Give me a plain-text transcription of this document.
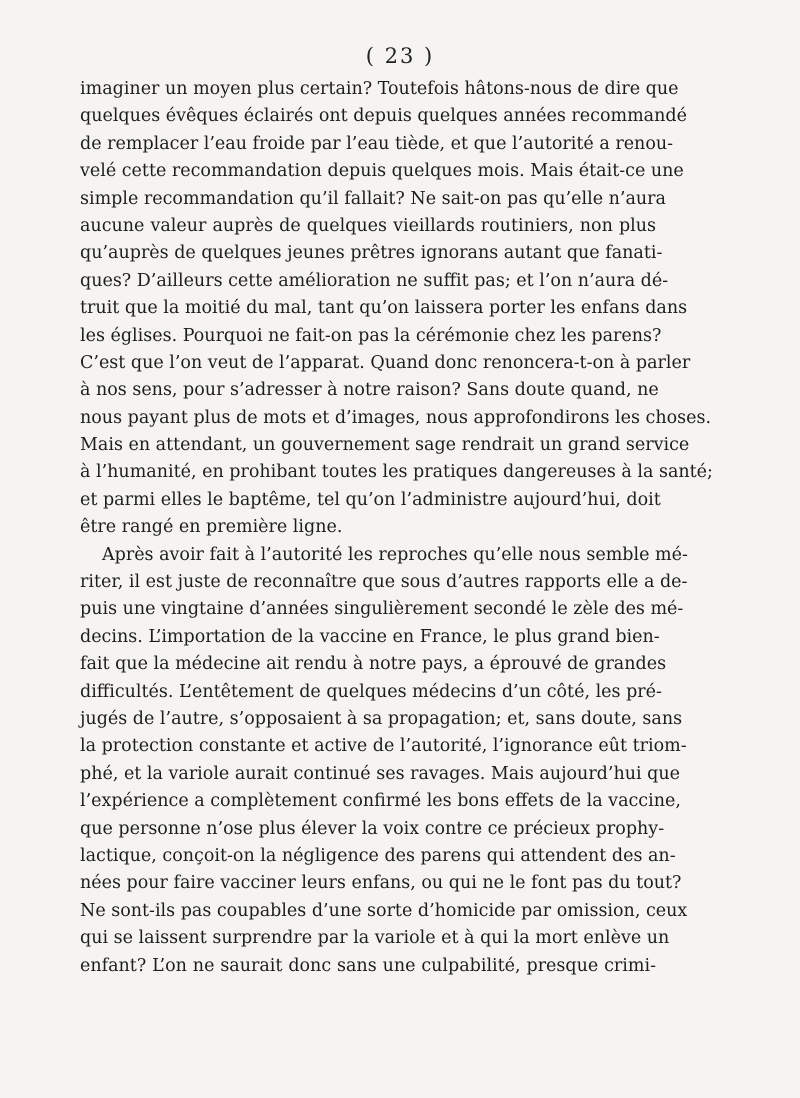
( 23 )
imaginer un moyen plus certain? Toutefois hâtons-nous de dire que
quelques évêques éclairés ont depuis quelques années recommandé
de remplacer l’eau froide par l’eau tiède, et que l’autorité a renou-
velé cette recommandation depuis quelques mois. Mais était-ce une
simple recommandation qu’il fallait? Ne sait-on pas qu’elle n’aura
aucune valeur auprès de quelques vieillards routiniers, non plus
qu’auprès de quelques jeunes prêtres ignorans autant que fanati-
ques? D’ailleurs cette amélioration ne suffit pas; et l’on n’aura dé-
truit que la moitié du mal, tant qu’on laissera porter les enfans dans
les églises. Pourquoi ne fait-on pas la cérémonie chez les parens?
C’est que l’on veut de l’apparat. Quand donc renoncera-t-on à parler
à nos sens, pour s’adresser à notre raison? Sans doute quand, ne
nous payant plus de mots et d’images, nous approfondirons les choses.
Mais en attendant, un gouvernement sage rendrait un grand service
à l’humanité, en prohibant toutes les pratiques dangereuses à la santé;
et parmi elles le baptême, tel qu’on l’administre aujourd’hui, doit
être rangé en première ligne.
Après avoir fait à l’autorité les reproches qu’elle nous semble mé-
riter, il est juste de reconnaître que sous d’autres rapports elle a de-
puis une vingtaine d’années singulièrement secondé le zèle des mé-
decins. L’importation de la vaccine en France, le plus grand bien-
fait que la médecine ait rendu à notre pays, a éprouvé de grandes
difficultés. L’entêtement de quelques médecins d’un côté, les pré-
jugés de l’autre, s’opposaient à sa propagation; et, sans doute, sans
la protection constante et active de l’autorité, l’ignorance eût triom-
phé, et la variole aurait continué ses ravages. Mais aujourd’hui que
l’expérience a complètement confirmé les bons effets de la vaccine,
que personne n’ose plus élever la voix contre ce précieux prophy-
lactique, conçoit-on la négligence des parens qui attendent des an-
nées pour faire vacciner leurs enfans, ou qui ne le font pas du tout?
Ne sont-ils pas coupables d’une sorte d’homicide par omission, ceux
qui se laissent surprendre par la variole et à qui la mort enlève un
enfant? L’on ne saurait donc sans une culpabilité, presque crimi-
